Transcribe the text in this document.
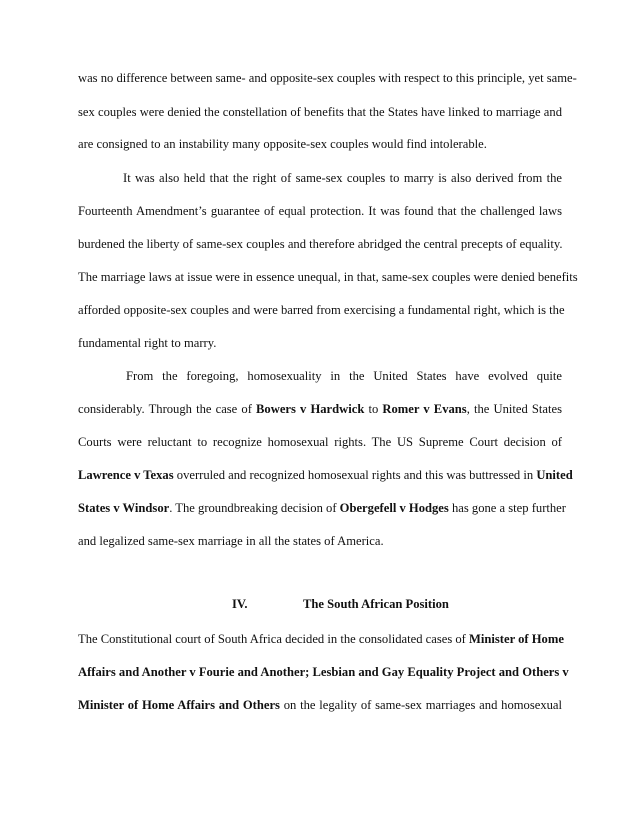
was no difference between same- and opposite-sex couples with respect to this principle, yet same-
sex couples were denied the constellation of benefits that the States have linked to marriage and
are consigned to an instability many opposite-sex couples would find intolerable.
It was also held that the right of same-sex couples to marry is also derived from the
Fourteenth Amendment’s guarantee of equal protection. It was found that the challenged laws
burdened the liberty of same-sex couples and therefore abridged the central precepts of equality.
The marriage laws at issue were in essence unequal, in that, same-sex couples were denied benefits
afforded opposite-sex couples and were barred from exercising a fundamental right, which is the
fundamental right to marry.
From the foregoing, homosexuality in the United States have evolved quite
considerably. Through the case of Bowers v Hardwick to Romer v Evans, the United States
Courts were reluctant to recognize homosexual rights. The US Supreme Court decision of
Lawrence v Texas overruled and recognized homosexual rights and this was buttressed in United
States v Windsor. The groundbreaking decision of Obergefell v Hodges has gone a step further
and legalized same-sex marriage in all the states of America.
IV.	The South African Position
The Constitutional court of South Africa decided in the consolidated cases of Minister of Home
Affairs and Another v Fourie and Another; Lesbian and Gay Equality Project and Others v
Minister of Home Affairs and Others on the legality of same-sex marriages and homosexual
